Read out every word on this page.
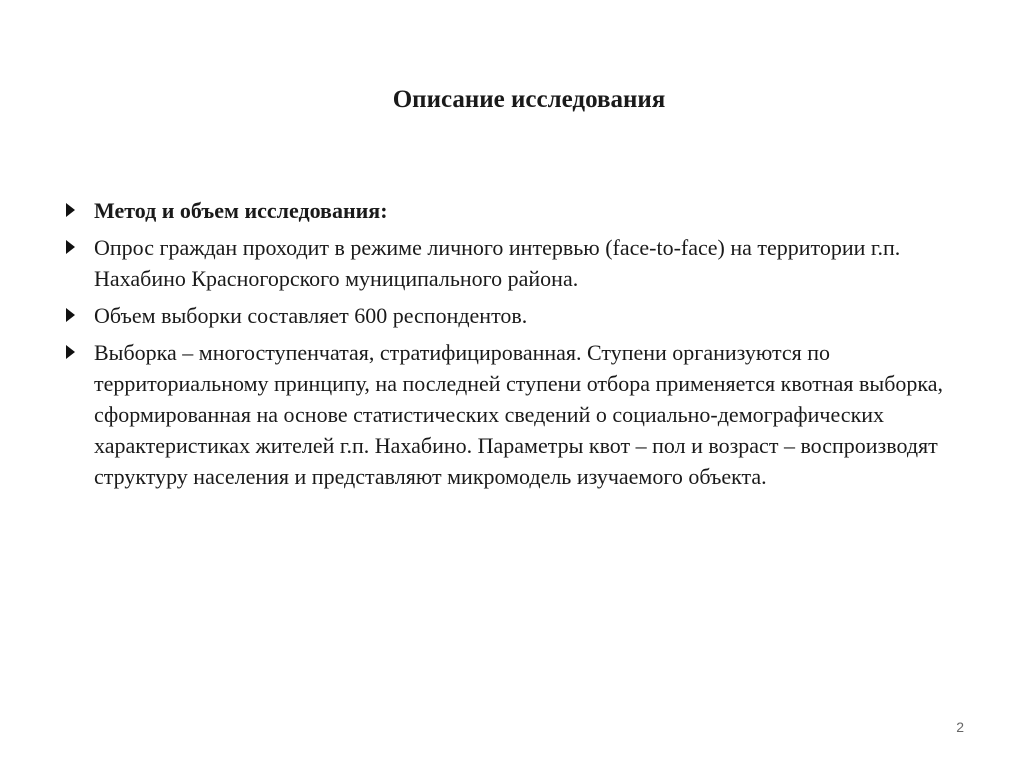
Описание исследования
Метод и объем исследования:
Опрос граждан проходит в режиме личного интервью (face-to-face) на территории г.п. Нахабино Красногорского муниципального района.
Объем выборки составляет 600 респондентов.
Выборка – многоступенчатая, стратифицированная. Ступени организуются по территориальному принципу, на последней ступени отбора применяется квотная выборка, сформированная на основе статистических сведений о социально-демографических характеристиках жителей г.п. Нахабино. Параметры квот – пол и возраст – воспроизводят структуру населения и представляют микромодель изучаемого объекта.
2
